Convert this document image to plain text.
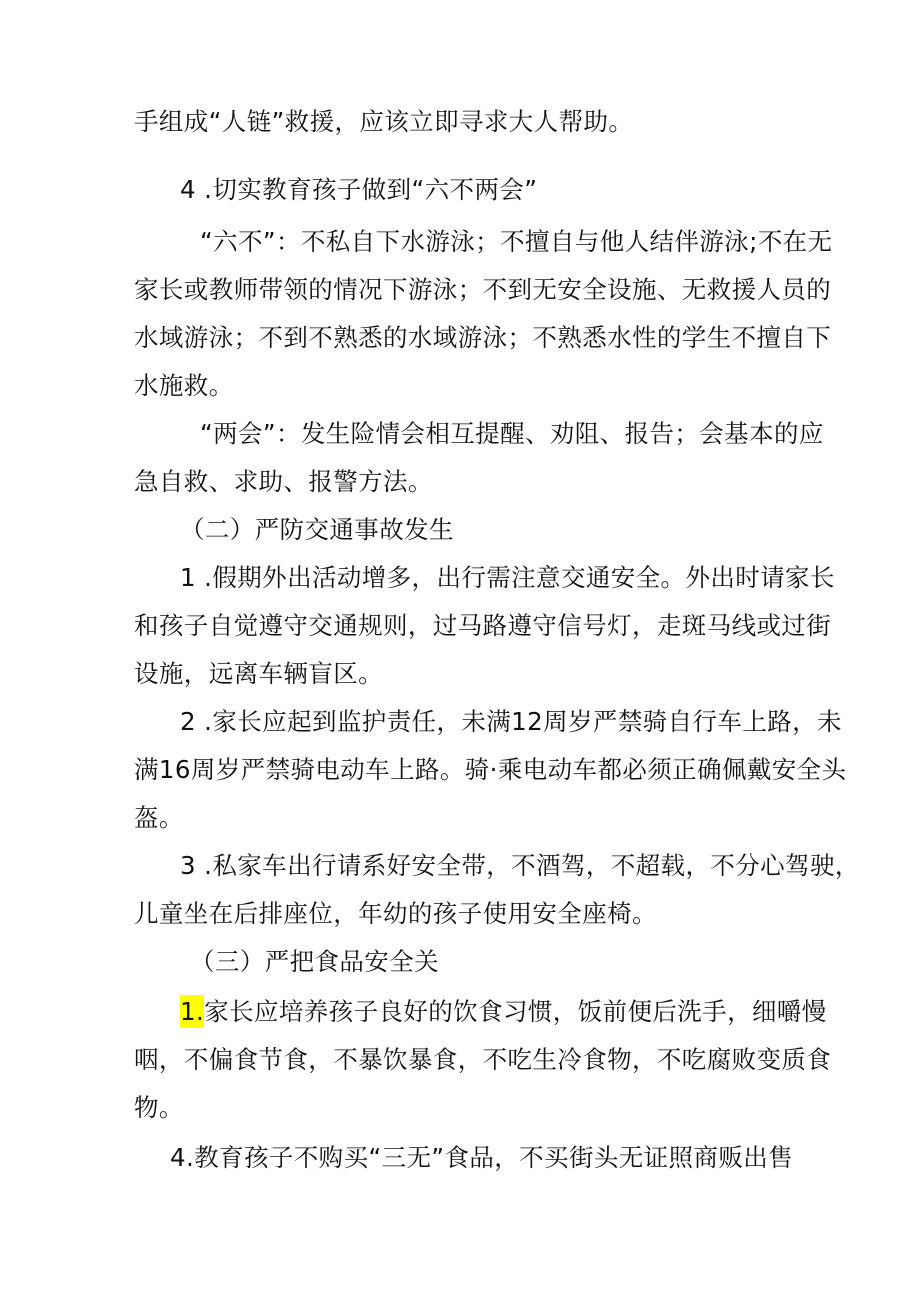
手组成“人链”救援，应该立即寻求大人帮助。
4 .切实教育孩子做到“六不两会”
“六不”：不私自下水游泳；不擅自与他人结伴游泳;不在无
家长或教师带领的情况下游泳；不到无安全设施、无救援人员的
水域游泳；不到不熟悉的水域游泳；不熟悉水性的学生不擅自下
水施救。
“两会”：发生险情会相互提醒、劝阻、报告；会基本的应
急自救、求助、报警方法。
（二）严防交通事故发生
1 .假期外出活动增多，出行需注意交通安全。外出时请家长
和孩子自觉遵守交通规则，过马路遵守信号灯，走斑马线或过街
设施，远离车辆盲区。
2 .家长应起到监护责任，未满12周岁严禁骑自行车上路，未
满16周岁严禁骑电动车上路。骑·乘电动车都必须正确佩戴安全头
盔。
3 .私家车出行请系好安全带，不酒驾，不超载，不分心驾驶，
儿童坐在后排座位，年幼的孩子使用安全座椅。
（三）严把食品安全关
1.家长应培养孩子良好的饮食习惯，饭前便后洗手，细嚼慢
咽，不偏食节食，不暴饮暴食，不吃生冷食物，不吃腐败变质食
物。
4.教育孩子不购买“三无”食品，不买街头无证照商贩出售
